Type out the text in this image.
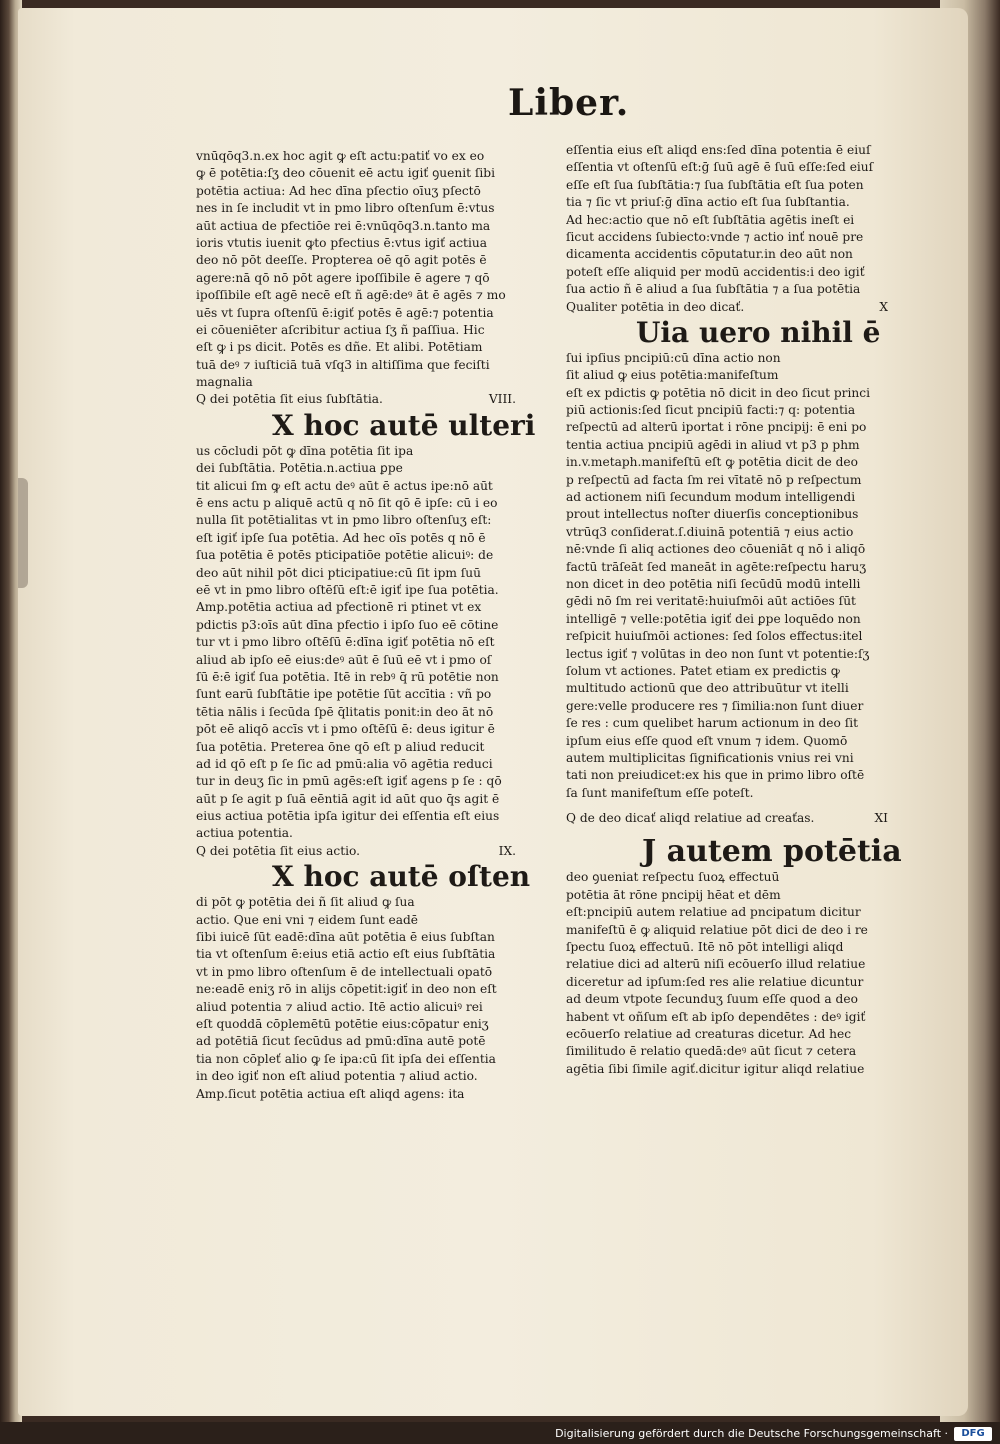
Liber.
vnūqōq3.n.ex hoc agit ꝙ eſt actu:patiť vo ex eo
ꝙ ē potētia:ſʒ deo cōuenit eē actu igiť ꝯuenit ſibi
potētia actiua: Ad hec dīna pſectio oīuʒ pſectō
nes in ſe includit vt in pmo libro oſtenſum ē:vtus
aūt actiua de pfectiōe rei ē:vnūqōq3.n.tanto ma
ioris vtutis iuenit ꝙto pfectius ē:vtus igiť actiua
deo nō pōt deeſſe. Propterea oē qō agit potēs ē
agere:nā qō nō pōt agere ipoſſibile ē agere ⁊ qō
ipoſſibile eſt agē necē eſt ñ agē:deꝰ āt ē agēs ⁊ mo
uēs vt ſupra oſtenſū ē:igiť potēs ē agē:⁊ potentia
ei cōueniēter aſcribitur actiua ſʒ ñ paſſiua. Hic
eſt ꝙ i ps dicit. Potēs es dñe. Et alibi. Potētiam
tuā deꝰ ⁊ iuſticiā tuā vſq3 in altiſſima que feciſti
magnalia
Q dei potētia ſit eius ſubſtātia.	VIII.
X hoc autē ulteri
us cōcludi pōt ꝙ dīna potētia ſit ipa
dei ſubſtātia. Potētia.n.actiua ꝑpe
tit alicui ſm ꝙ eſt actu deꝰ aūt ē actus ipe:nō aūt
ē ens actu p aliquē actū q nō ſit qō ē ipſe: cū i eo
nulla ſit potētialitas vt in pmo libro oſtenſuʒ eſt:
eſt igiť ipſe ſua potētia. Ad hec oīs potēs q nō ē
ſua potētia ē potēs pticipatiōe potētie alicuiꝰ: de
deo aūt nihil pōt dici pticipatiue:cū ſit ipm ſuū
eē vt in pmo libro oſtēſū eſt:ē igiť ipe ſua potētia.
Amp.potētia actiua ad pfectionē ri ptinet vt ex
pdictis p3:oīs aūt dīna pfectio i ipſo ſuo eē cōtine
tur vt i pmo libro oſtēſū ē:dīna igiť potētia nō eſt
aliud ab ipſo eē eius:deꝰ aūt ē ſuū eē vt i pmo oſ
ſū ē:ē igiť ſua potētia. Itē in rebꝰ q̄ rū potētie non
ſunt earū ſubſtātie ipe potētie ſūt accītia : vñ po
tētia nālis i ſecūda ſpē q̄litatis ponit:in deo āt nō
pōt eē aliqō accīs vt i pmo oſtēſū ē: deus igitur ē
ſua potētia. Preterea ōne qō eſt p aliud reducit
ad id qō eſt p ſe ſic ad pmū:alia vō agētia reduci
tur in deuʒ ſic in pmū agēs:eſt igiť agens p ſe : qō
aūt p ſe agit p ſuā eēntiā agit id aūt quo q̄s agit ē
eius actiua potētia ipſa igitur dei eſſentia eſt eius
actiua potentia.
Q dei potētia ſit eius actio.	IX.
X hoc autē oſten
di pōt ꝙ potētia dei ñ ſit aliud ꝙ ſua
actio. Que eni vni ⁊ eidem ſunt eadē
ſibi iuicē ſūt eadē:dīna aūt potētia ē eius ſubſtan
tia vt oſtenſum ē:eius etiā actio eſt eius ſubſtātia
vt in pmo libro oſtenſum ē de intellectuali opatō
ne:eadē eniʒ rō in alijs cōpetit:igiť in deo non eſt
aliud potentia ⁊ aliud actio. Itē actio alicuiꝰ rei
eſt quoddā cōplemētū potētie eius:cōpatur eniʒ
ad potētiā ſicut ſecūdus ad pmū:dīna autē potē
tia non cōpleť alio ꝙ ſe ipa:cū ſit ipſa dei eſſentia
in deo igiť non eſt aliud potentia ⁊ aliud actio.
Amp.ſicut potētia actiua eſt aliqd agens: ita
eſſentia eius eſt aliqd ens:ſed dīna potentia ē eiuſ
eſſentia vt oſtenſū eſt:ḡ ſuū agē ē ſuū eſſe:ſed eiuſ
eſſe eſt ſua ſubſtātia:⁊ ſua ſubſtātia eſt ſua poten
tia ⁊ ſic vt priuſ:ḡ dīna actio eſt ſua ſubſtantia.
Ad hec:actio que nō eſt ſubſtātia agētis ineſt ei
ſicut accidens ſubiecto:vnde ⁊ actio inť nouē pre
dicamenta accidentis cōputatur.in deo aūt non
poteſt eſſe aliquid per modū accidentis:i deo igiť
ſua actio ñ ē aliud a ſua ſubſtātia ⁊ a ſua potētia
Qualiter potētia in deo dicať.	X
Uia uero nihil ē
ſui ipſius pncipiū:cū dīna actio non
ſit aliud ꝙ eius potētia:manifeſtum
eſt ex pdictis ꝙ potētia nō dicit in deo ſicut princi
piū actionis:ſed ſicut pncipiū facti:⁊ q: potentia
reſpectū ad alterū iportat i rōne pncipij: ē eni po
tentia actiua pncipiū agēdi in aliud vt p3 p phm
in.v.metaph.manifeſtū eſt ꝙ potētia dicit de deo
p reſpectū ad facta ſm rei vītatē nō p reſpectum
ad actionem niſi ſecundum modum intelligendi
prout intellectus noſter diuerſis conceptionibus
vtrūq3 conſiderat.ſ.diuinā potentiā ⁊ eius actio
nē:vnde ſi aliq actiones deo cōueniāt q nō i aliqō
factū trāſeāt ſed maneāt in agēte:reſpectu haruʒ
non dicet in deo potētia niſi ſecūdū modū intelli
gēdi nō ſm rei veritatē:huiuſmōi aūt actiōes ſūt
intelligē ⁊ velle:potētia igiť dei ꝑpe loquēdo non
reſpicit huiuſmōi actiones: ſed ſolos effectus:itel
lectus igiť ⁊ volūtas in deo non ſunt vt potentie:ſʒ
ſolum vt actiones. Patet etiam ex predictis ꝙ
multitudo actionū que deo attribuūtur vt itelli
gere:velle producere res ⁊ ſimilia:non ſunt diuer
ſe res : cum quelibet harum actionum in deo ſit
ipſum eius eſſe quod eſt vnum ⁊ idem. Quomō
autem multiplicitas ſignificationis vnius rei vni
tati non preiudicet:ex his que in primo libro oſtē
ſa ſunt manifeſtum eſſe poteſt.
Q de deo dicať aliqd relatiue ad creaťas.	XI
J autem potētia
deo ꝯueniat reſpectu ſuoꝝ effectuū
potētia āt rōne pncipij hēat et dēm
eſt:pncipiū autem relatiue ad pncipatum dicitur
manifeſtū ē ꝙ aliquid relatiue pōt dici de deo i re
ſpectu ſuoꝝ effectuū. Itē nō pōt intelligi aliqd
relatiue dici ad alterū niſi ecōuerſo illud relatiue
diceretur ad ipſum:ſed res alie relatiue dicuntur
ad deum vtpote ſecunduʒ ſuum eſſe quod a deo
habent vt oñſum eſt ab ipſo dependētes : deꝰ igiť
ecōuerſo relatiue ad creaturas dicetur. Ad hec
ſimilitudo ē relatio quedā:deꝰ aūt ſicut ⁊ cetera
agētia ſibi ſimile agiť.dicitur igitur aliqd relatiue
Digitalisierung gefördert durch die Deutsche Forschungsgemeinschaft ·	DFG
